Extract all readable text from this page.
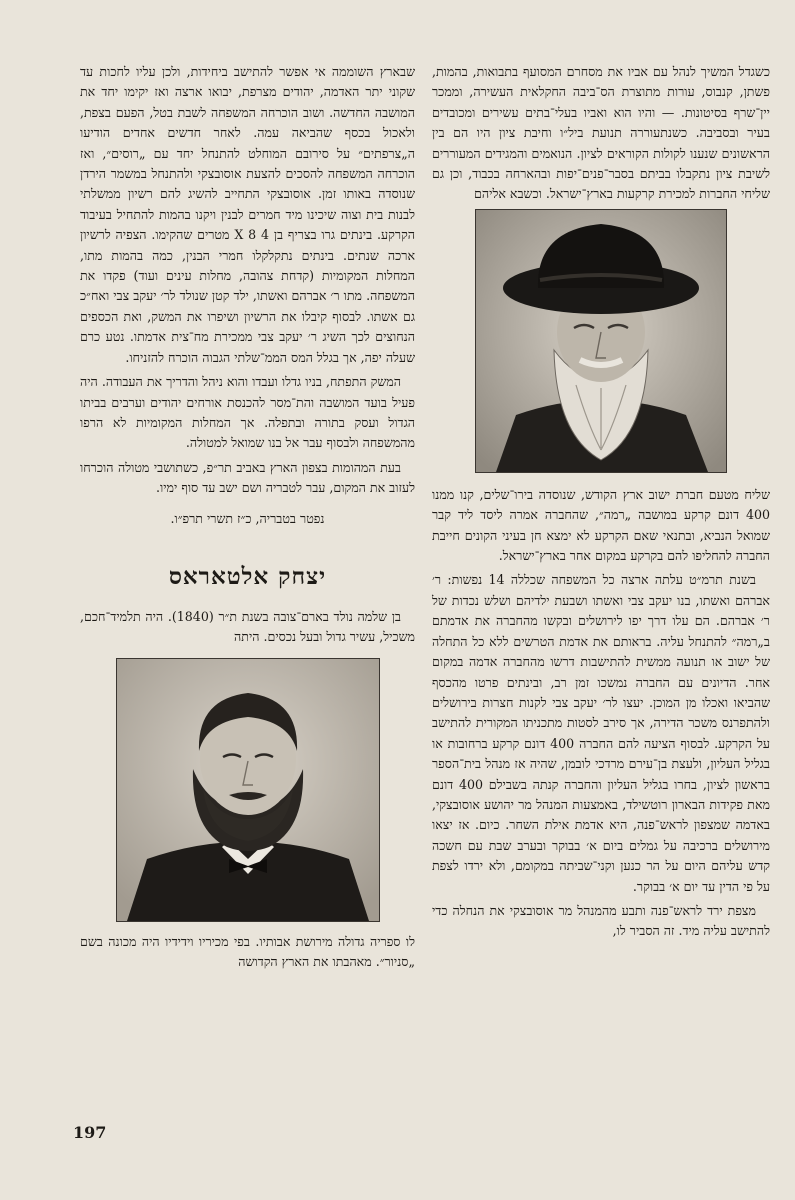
כשגדל המשיך לנהל עם אביו את מסחרם המסועף בתבואות, בהמות, פשתן, קנבוס, עורות מתוצרת הס־ביבה החקלאית העשירה, וממכר יין־שרף בסיטונות. — והיו הוא ואביו בעלי־בתים עשירים ומכובדים בעיר ובסביבה. כשנתעוררה תנועת ביל״ו וחיבת ציון היו הם בין הראשונים שנענו לקולות הקוראים לציון. הנואמים והמגידים המעוררים לשיבת ציון נתקבלו בביתם בסבר־פנים־יפות ובהארחה בכבוד, וכן גם שליחי החברות למכירת קרקעות בארץ־ישראל. וכשבא אליהם

שליח מטעם חברת ישוב ארץ הקודש, שנוסדה בירו־שלים, קנו ממנו 400 דונם קרקע במושבה „רמה״, שהחברה אמרה ליסד ליד קבר שמואל הנביא, ובתנאי שאם הקרקע לא ימצא חן בעיני הקונים חייבת החברה להחליפו להם בקרקע במקום אחר בארץ־ישראל.

בשנת תרמ״ט עלתה ארצה כל המשפחה שכללה 14 נפשות: ר׳ אברהם ואשתו, בנו יעקב צבי ואשתו ושבעת ילדיהם ושלש נכדות של ר׳ אברהם. הם עלו דרך יפו לירושלים ובקשו מהחברה את אדמתם ב„רמה״ להתנחל עליה. בראותם את אדמת הטרשים ללא כל התחלה של ישוב או תנועה ממשית להתישבות דרשו מהחברה אדמה במקום אחר. הדיונים עם החברה נמשכו זמן רב, ובינתים פרטו מהכסף שהביאו ואכלו מן המוכן. יעצו לר׳ יעקב צבי לקנות חצרות בירושלים ולהתפרנס משכר הדירה, אך סירב לסטות מתכניתו המקורית להתישב על הקרקע. לבסוף הציעה להם החברה 400 דונם קרקע ברחובות או בגליל העליון, ולעצת בן־עירם מרדכי לובמן, שהיה אז מנהל בית־הספר בראשון לציון, בחרו בגליל העליון והחברה קנתה בשבילם 400 דונם מאת פקידות הבארון רוטשילד, באמצעות המנהל מר יהושע אוסובצקי, באדמה שמצפון לראש־פנה, היא אדמת אילת השחר. כיום. אז יצאו מירושלים ברכיבה על גמלים ביום א׳ בבוקר ובערב שבת עם חשכה קדש עליהם היום על הר כנען וקני־שביתה במקומם, ולא ירדו לצפת על פי הדין עד יום א׳ בבוקר.

מצפת ירד לראש־פנה ותבע מהמנהל מר אוסובצקי את הנחלה כדי להתישב עליה מיד. זה הסביר לו,

שבארץ השוממה אי אפשר להתישב ביחידות, ולכן עליו לחכות עד שקוני יתר האדמה, יהודים מצרפת, יבואו ארצה ואז יקימו יחד את המושבה החדשה. ושוב הוכרחה המשפחה לשבת בטל, הפעם בצפת, ולאכול בכסף שהביאה עמה. לאחר חדשים אחדים הודיעו ה„צרפתים״ על סירובם המוחלט להתנחל יחד עם „רוסים״, ואז הוכרחה המשפחה להסכים להצעת אוסובצקי ולהתנחל במשמר הירדן שנוסדה באותו זמן. אוסובצקי התחייב להשיג להם רשיון ממשלתי לבנות בית וצוה שיכינו מיד חמרים לבנין ויקנו בהמות להתחיל בעיבוד הקרקע. בינתים גרו בצריף בן 4 X 8 מטרים שהקימו. הצפיה לרשיון ארכה שנתים. בינתים נתקלקלו חמרי הבנין, כמה בהמות מתו, המחלות המקומיות (קדחת צהובה, מחלות עינים ועוד) פקדו את המשפחה. מתו ר׳ אברהם ואשתו, ילד קטן שנולד לר׳ יעקב צבי ואח״כ גם אשתו. לבסוף קיבלו את הרשיון ושיפרו את המשק, ואת הכספים הנחוצים לכך השיג ר׳ יעקב צבי ממכירת מח־צית אדמתו. נטע כרם שעלה יפה, אך בגלל המס הממ־שלתי הגבוה הוכרח להזניחו.

המשק התפתח, בניו גדלו ועבדו והוא ניהל והדריך את העבודה. היה פעיל בועד המושבה והת־מסר להכנסת אורחים יהודים וערבים בביתו הגדול ועסק בתורה ובתפלה. אך המחלות המקומיות לא הרפו מהמשפחה ולבסוף עבר אל בנו שמואל למטולה.

בעת המהומות בצפון הארץ באביב תר״פ, כשתושבי מטולה הוכרחו לעזוב את המקום, עבר לטבריה ושם ישב עד סוף ימיו.

נפטר בטבריה, כ״ז תשרי תרפ״ו.

יצחק אלטאראס

בן שלמה נולד בארם־צובה בשנת ת״ר (1840). היה תלמיד־חכם, משכיל, עשיר גדול ובעל נכסים. היתה

לו ספריה גדולה מירושת אבותיו. בפי מכיריו וידידיו היה מכונה בשם „סניור״. מאהבתו את הארץ הקדושה

197
